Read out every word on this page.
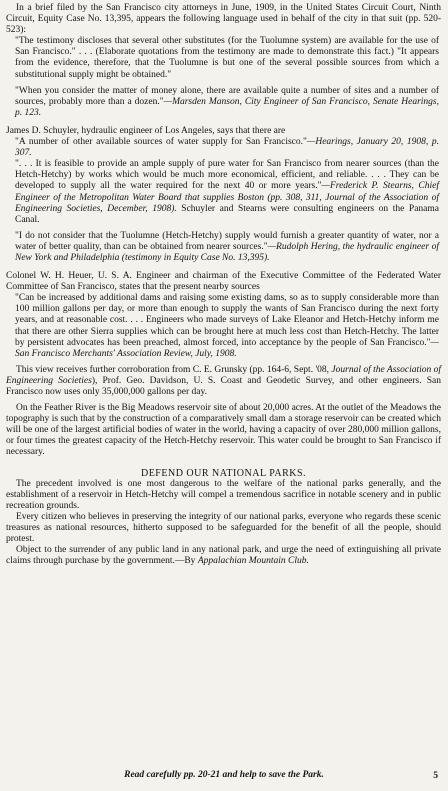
In a brief filed by the San Francisco city attorneys in June, 1909, in the United States Circuit Court, Ninth Circuit, Equity Case No. 13,395, appears the following language used in behalf of the city in that suit (pp. 520-523):

"The testimony discloses that several other substitutes (for the Tuolumne system) are available for the use of San Francisco." . . . (Elaborate quotations from the testimony are made to demonstrate this fact.) "It appears from the evidence, therefore, that the Tuolumne is but one of the several possible sources from which a substitutional supply might be obtained."

"When you consider the matter of money alone, there are available quite a number of sites and a number of sources, probably more than a dozen."—Marsden Manson, City Engineer of San Francisco, Senate Hearings, p. 123.

James D. Schuyler, hydraulic engineer of Los Angeles, says that there are

"A number of other available sources of water supply for San Francisco."—Hearings, January 20, 1908, p. 307.

". . . It is feasible to provide an ample supply of pure water for San Francisco from nearer sources (than the Hetch-Hetchy) by works which would be much more economical, efficient, and reliable. . . . They can be developed to supply all the water required for the next 40 or more years."—Frederick P. Stearns, Chief Engineer of the Metropolitan Water Board that supplies Boston (pp. 308, 311, Journal of the Association of Engineering Societies, December, 1908). Schuyler and Stearns were consulting engineers on the Panama Canal.

"I do not consider that the Tuolumne (Hetch-Hetchy) supply would furnish a greater quantity of water, nor a water of better quality, than can be obtained from nearer sources."—Rudolph Hering, the hydraulic engineer of New York and Philadelphia (testimony in Equity Case No. 13,395).

Colonel W. H. Heuer, U. S. A. Engineer and chairman of the Executive Committee of the Federated Water Committee of San Francisco, states that the present nearby sources

"Can be increased by additional dams and raising some existing dams, so as to supply considerable more than 100 million gallons per day, or more than enough to supply the wants of San Francisco during the next forty years, and at reasonable cost. . . . Engineers who made surveys of Lake Eleanor and Hetch-Hetchy inform me that there are other Sierra supplies which can be brought here at much less cost than Hetch-Hetchy. The latter by persistent advocates has been preached, almost forced, into acceptance by the people of San Francisco."—San Francisco Merchants' Association Review, July, 1908.

This view receives further corroboration from C. E. Grunsky (pp. 164-6, Sept. '08, Journal of the Association of Engineering Societies), Prof. Geo. Davidson, U. S. Coast and Geodetic Survey, and other engineers. San Francisco now uses only 35,000,000 gallons per day.

On the Feather River is the Big Meadows reservoir site of about 20,000 acres. At the outlet of the Meadows the topography is such that by the construction of a comparatively small dam a storage reservoir can be created which will be one of the largest artificial bodies of water in the world, having a capacity of over 280,000 million gallons, or four times the greatest capacity of the Hetch-Hetchy reservoir. This water could be brought to San Francisco if necessary.

DEFEND OUR NATIONAL PARKS.

The precedent involved is one most dangerous to the welfare of the national parks generally, and the establishment of a reservoir in Hetch-Hetchy will compel a tremendous sacrifice in notable scenery and in public recreation grounds.

Every citizen who believes in preserving the integrity of our national parks, everyone who regards these scenic treasures as national resources, hitherto supposed to be safeguarded for the benefit of all the people, should protest.

Object to the surrender of any public land in any national park, and urge the need of extinguishing all private claims through purchase by the government.—By Appalachian Mountain Club.

Read carefully pp. 20-21 and help to save the Park.	5
